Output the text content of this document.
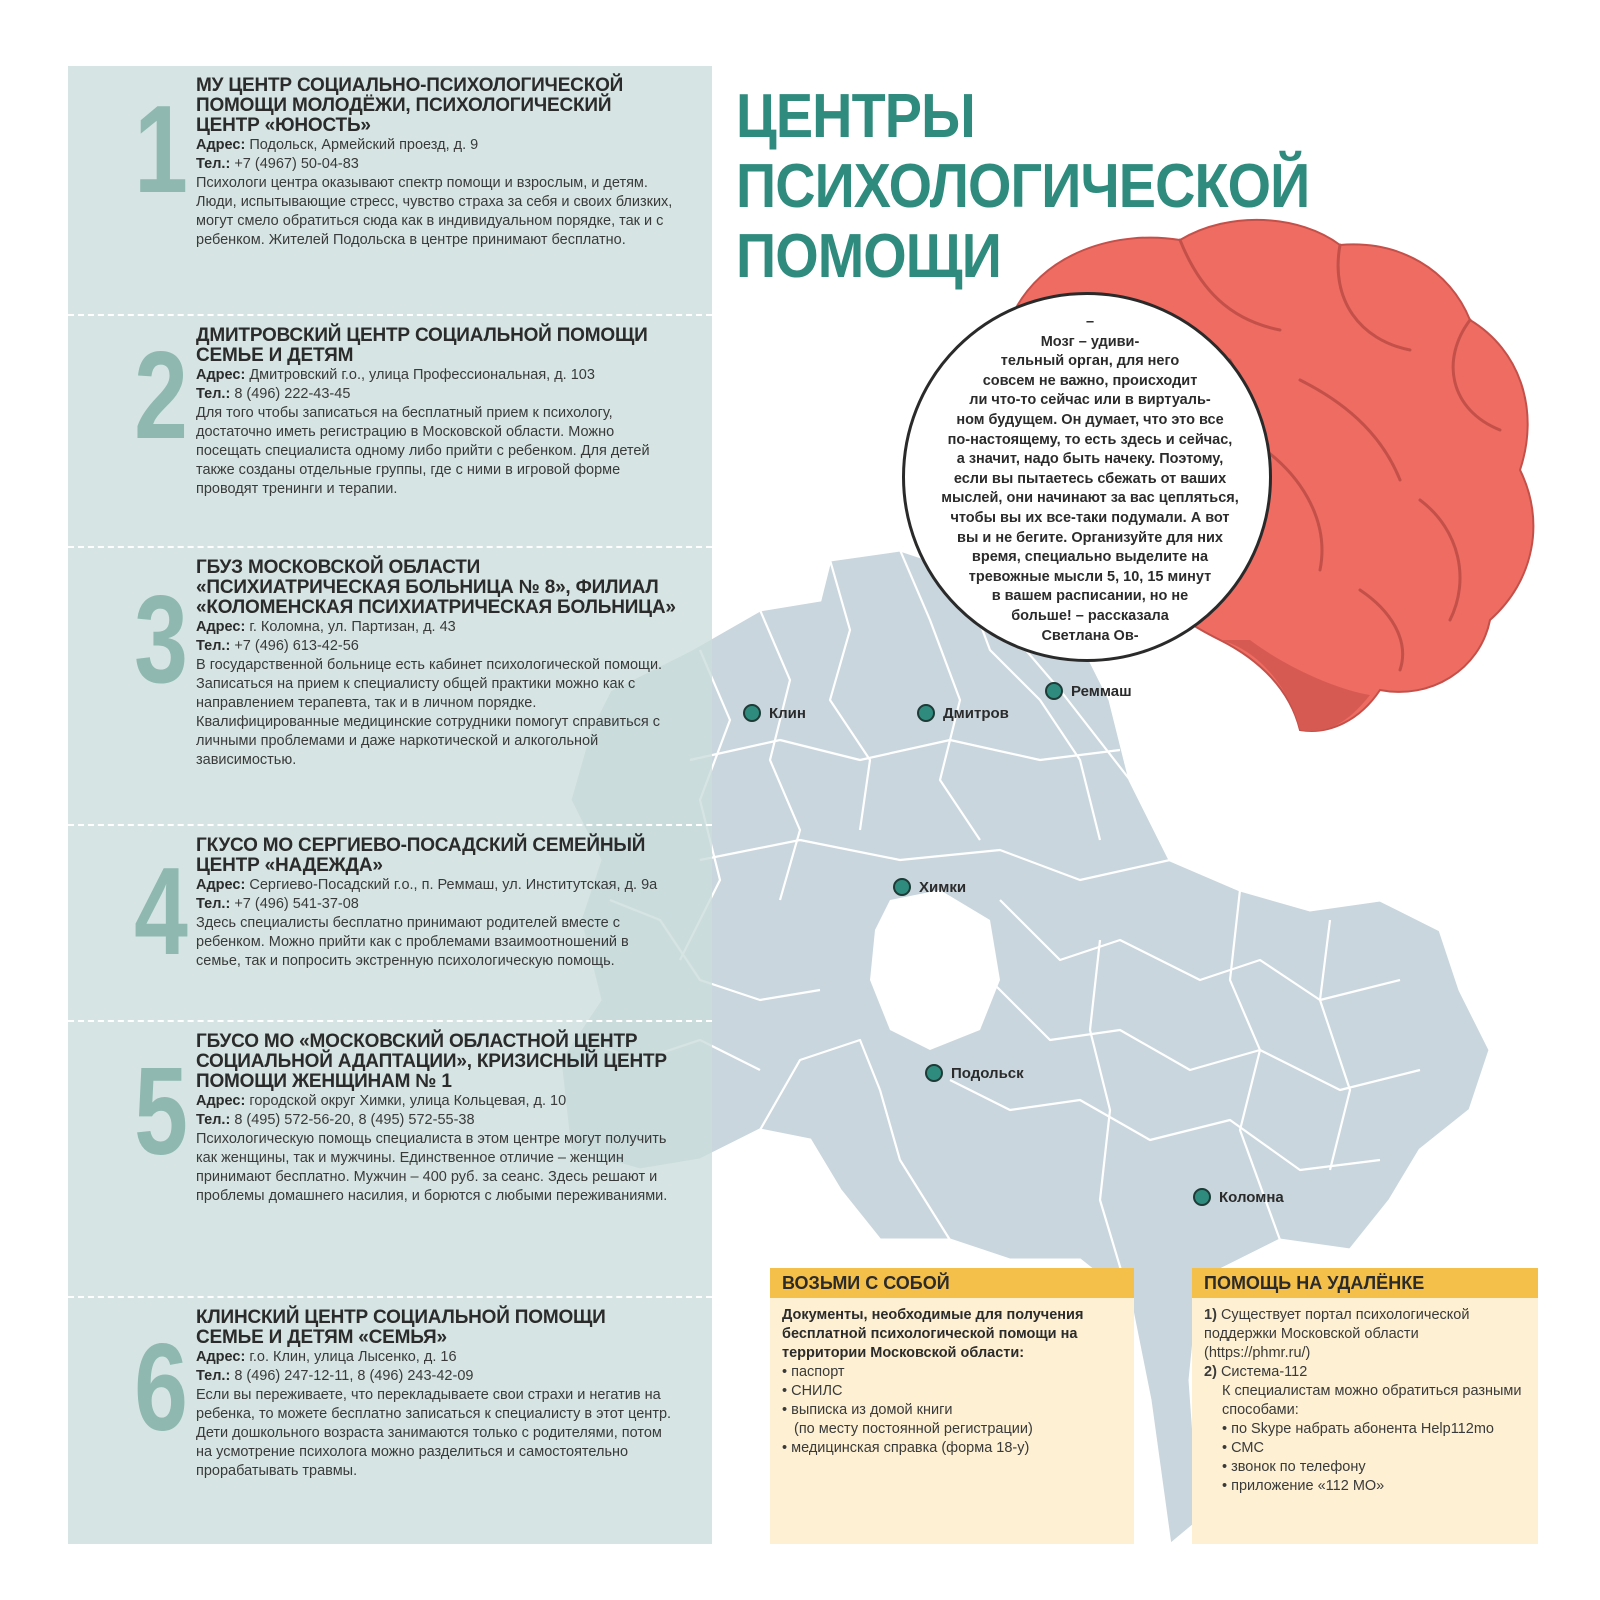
1 МУ ЦЕНТР СОЦИАЛЬНО-ПСИХОЛОГИЧЕСКОЙ ПОМОЩИ МОЛОДЁЖИ, ПСИХОЛОГИЧЕСКИЙ ЦЕНТР «ЮНОСТЬ»
Адрес: Подольск, Армейский проезд, д. 9
Тел.: +7 (4967) 50-04-83
Психологи центра оказывают спектр помощи и взрослым, и детям. Люди, испытывающие стресс, чувство страха за себя и своих близких, могут смело обратиться сюда как в индивидуальном порядке, так и с ребенком. Жителей Подольска в центре принимают бесплатно.
2 ДМИТРОВСКИЙ ЦЕНТР СОЦИАЛЬНОЙ ПОМОЩИ СЕМЬЕ И ДЕТЯМ
Адрес: Дмитровский г.о., улица Профессиональная, д. 103
Тел.: 8 (496) 222-43-45
Для того чтобы записаться на бесплатный прием к психологу, достаточно иметь регистрацию в Московской области. Можно посещать специалиста одному либо прийти с ребенком. Для детей также созданы отдельные группы, где с ними в игровой форме проводят тренинги и терапии.
3
ГБУЗ МОСКОВСКОЙ ОБЛАСТИ «ПСИХИАТРИЧЕСКАЯ БОЛЬНИЦА № 8», ФИЛИАЛ «КОЛОМЕНСКАЯ ПСИХИАТРИЧЕСКАЯ БОЛЬНИЦА»
Адрес: г. Коломна, ул. Партизан, д. 43
Тел.: +7 (496) 613-42-56
В государственной больнице есть кабинет психологической помощи. Записаться на прием к специалисту общей практики можно как с направлением терапевта, так и в личном порядке. Квалифицированные медицинские сотрудники помогут справиться с личными проблемами и даже наркотической и алкогольной зависимостью.
4 ГКУСО МО СЕРГИЕВО-ПОСАДСКИЙ СЕМЕЙНЫЙ ЦЕНТР «НАДЕЖДА»
Адрес: Сергиево-Посадский г.о., п. Реммаш, ул. Институтская, д. 9а
Тел.: +7 (496) 541-37-08
Здесь специалисты бесплатно принимают родителей вместе с ребенком. Можно прийти как с проблемами взаимоотношений в семье, так и попросить экстренную психологическую помощь.
5
ГБУСО МО «МОСКОВСКИЙ ОБЛАСТНОЙ ЦЕНТР СОЦИАЛЬНОЙ АДАПТАЦИИ», КРИЗИСНЫЙ ЦЕНТР ПОМОЩИ ЖЕНЩИНАМ № 1
Адрес: городской округ Химки, улица Кольцевая, д. 10
Тел.: 8 (495) 572-56-20, 8 (495) 572-55-38
Психологическую помощь специалиста в этом центре могут получить как женщины, так и мужчины. Единственное отличие – женщин принимают бесплатно. Мужчин – 400 руб. за сеанс. Здесь решают и проблемы домашнего насилия, и борются с любыми переживаниями.
6
КЛИНСКИЙ ЦЕНТР СОЦИАЛЬНОЙ ПОМОЩИ СЕМЬЕ И ДЕТЯМ «СЕМЬЯ»
Адрес: г.о. Клин, улица Лысенко, д. 16
Тел.: 8 (496) 247-12-11, 8 (496) 243-42-09
Если вы переживаете, что перекладываете свои страхи и негатив на ребенка, то можете бесплатно записаться к специалисту в этот центр. Дети дошкольного возраста занимаются только с родителями, потом на усмотрение психолога можно разделиться и самостоятельно прорабатывать травмы.
ЦЕНТРЫ
ПСИХОЛОГИЧЕСКОЙ
ПОМОЩИ
–
Мозг – удиви-
тельный орган, для него
совсем не важно, происходит
ли что-то сейчас или в виртуаль-
ном будущем. Он думает, что это все
по-настоящему, то есть здесь и сейчас,
а значит, надо быть начеку. Поэтому,
если вы пытаетесь сбежать от ваших
мыслей, они начинают за вас цепляться,
чтобы вы их все-таки подумали. А вот
вы и не бегите. Организуйте для них
время, специально выделите на
тревожные мысли 5, 10, 15 минут
в вашем расписании, но не
больше! – рассказала
Светлана Ов-
Клин	Дмитров
Реммаш
Химки
Подольск
Коломна
ВОЗЬМИ С СОБОЙ
Документы, необходимые для получения бесплатной психологической помощи на территории Московской области:
• паспорт
• СНИЛС
• выписка из домой книги
(по месту постоянной регистрации)
• медицинская справка (форма 18-у)
ПОМОЩЬ НА УДАЛЁНКЕ
1) Существует портал психологической поддержки Московской области (https://phmr.ru/)
2) Система-112
К специалистам можно обратиться разными способами:
• по Skype набрать абонента Help112mo
• СМС
• звонок по телефону
• приложение «112 МО»
